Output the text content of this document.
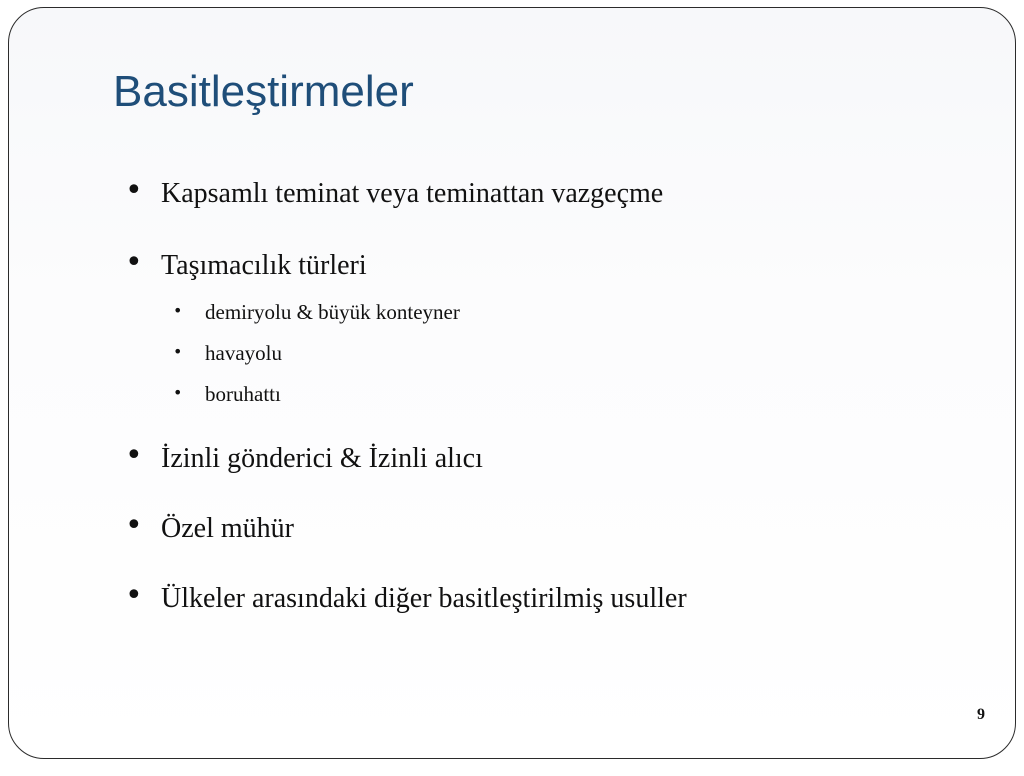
Basitleştirmeler
• Kapsamlı teminat veya teminattan vazgeçme
• Taşımacılık türleri
• demiryolu & büyük konteyner
• havayolu
• boruhattı
• İzinli gönderici & İzinli alıcı
• Özel mühür
• Ülkeler arasındaki diğer basitleştirilmiş usuller
9
